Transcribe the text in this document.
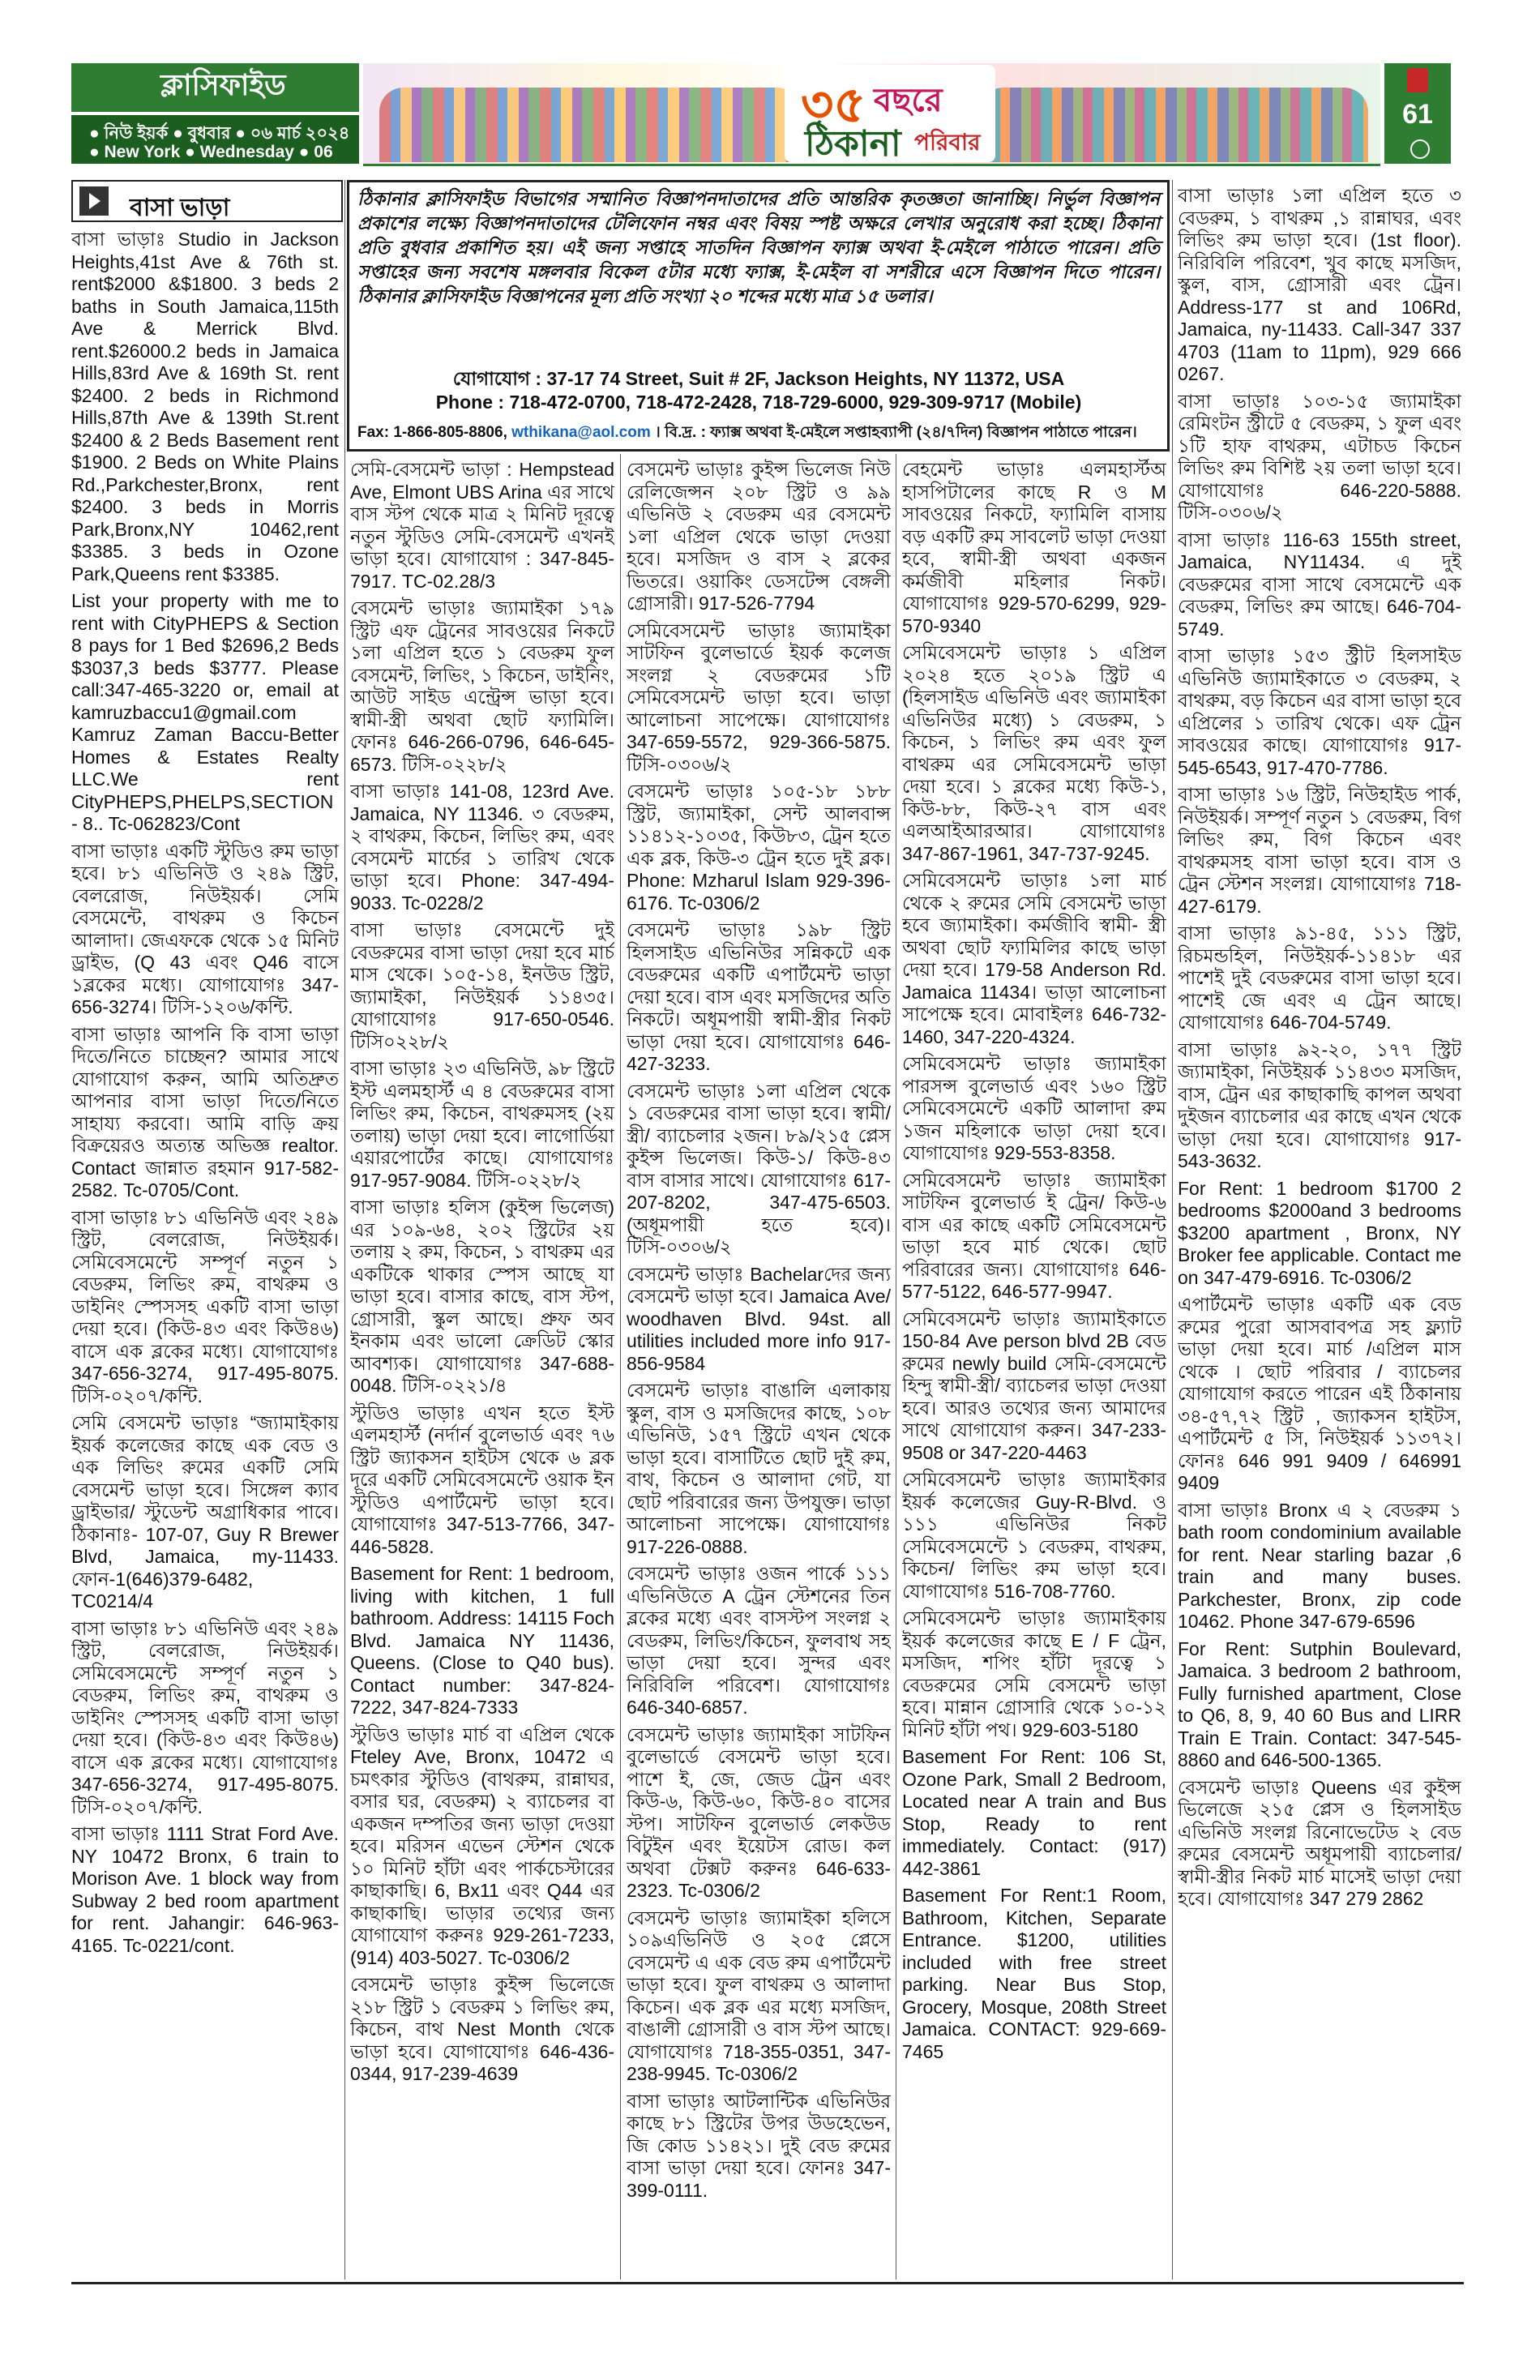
ক্লাসিফাইড
● নিউ ইয়র্ক ● বুধবার ● ০৬ মার্চ ২০২৪
● New York ● Wednesday ● 06 March 2024
৩৫ বছরে
ঠিকানা পরিবার
61
বাসা ভাড়া	ঠিকানার ক্লাসিফাইড বিভাগের সম্মানিত বিজ্ঞাপনদাতাদের প্রতি আন্তরিক কৃতজ্ঞতা জানাচ্ছি। নির্ভুল বিজ্ঞাপন প্রকাশের লক্ষ্যে বিজ্ঞাপনদাতাদের টেলিফোন নম্বর এবং বিষয় স্পষ্ট অক্ষরে লেখার অনুরোধ করা হচ্ছে। ঠিকানা প্রতি বুধবার প্রকাশিত হয়। এই জন্য সপ্তাহে সাতদিন বিজ্ঞাপন ফ্যাক্স অথবা ই-মেইলে পাঠাতে পারেন। প্রতি সপ্তাহের জন্য সবশেষ মঙ্গলবার বিকেল ৫টার মধ্যে ফ্যাক্স, ই-মেইল বা সশরীরে এসে বিজ্ঞাপন দিতে পারেন। ঠিকানার ক্লাসিফাইড বিজ্ঞাপনের মূল্য প্রতি সংখ্যা ২০ শব্দের মধ্যে মাত্র ১৫ ডলার।
যোগাযোগ : 37-17 74 Street, Suit # 2F, Jackson Heights, NY 11372, USA
Phone : 718-472-0700, 718-472-2428, 718-729-6000, 929-309-9717 (Mobile)
Fax: 1-866-805-8806, wthikana@aol.com । বি.দ্র. : ফ্যাক্স অথবা ই-মেইলে সপ্তাহব্যাপী (২৪/৭দিন) বিজ্ঞাপন পাঠাতে পারেন।
বাসা ভাড়াঃ Studio in Jackson Heights,41st Ave & 76th st. rent$2000 &$1800. 3 beds 2 baths in South Jamaica,115th Ave & Merrick Blvd. rent.$26000.2 beds in Jamaica Hills,83rd Ave & 169th St. rent $2400. 2 beds in Richmond Hills,87th Ave & 139th St.rent $2400 & 2 Beds Basement rent $1900. 2 Beds on White Plains Rd.,Parkchester,Bronx, rent $2400. 3 beds in Morris Park,Bronx,NY 10462,rent $3385. 3 beds in Ozone Park,Queens rent $3385.
List your property with me to rent with CityPHEPS & Section 8 pays for 1 Bed $2696,2 Beds $3037,3 beds $3777. Please call:347-465-3220 or, email at kamruzbaccu1@gmail.com Kamruz Zaman Baccu-Better Homes & Estates Realty LLC.We rent CityPHEPS,PHELPS,SECTION - 8.. Tc-062823/Cont
বাসা ভাড়াঃ একটি স্টুডিও রুম ভাড়া হবে। ৮১ এভিনিউ ও ২৪৯ স্ট্রিট, বেলরোজ, নিউইয়র্ক। সেমি বেসমেন্টে, বাথরুম ও কিচেন আলাদা। জেএফকে থেকে ১৫ মিনিট ড্রাইভ, (Q 43 এবং Q46 বাসে ১ব্লকের মধ্যে। যোগাযোগঃ 347-656-3274। টিসি-১২০৬/কন্টি.
বাসা ভাড়াঃ আপনি কি বাসা ভাড়া দিতে/নিতে চাচ্ছেন? আমার সাথে যোগাযোগ করুন, আমি অতিদ্রুত আপনার বাসা ভাড়া দিতে/নিতে সাহায্য করবো। আমি বাড়ি ক্রয় বিক্রয়েরও অত্যন্ত অভিজ্ঞ realtor. Contact জান্নাত রহমান 917-582-2582. Tc-0705/Cont.
বাসা ভাড়াঃ ৮১ এভিনিউ এবং ২৪৯ স্ট্রিট, বেলরোজ, নিউইয়র্ক। সেমিবেসমেন্টে সম্পূর্ণ নতুন ১ বেডরুম, লিভিং রুম, বাথরুম ও ডাইনিং স্পেসসহ একটি বাসা ভাড়া দেয়া হবে। (কিউ-৪৩ এবং কিউ৪৬) বাসে এক ব্লকের মধ্যে। যোগাযোগঃ 347-656-3274, 917-495-8075. টিসি-০২০৭/কন্টি.
সেমি বেসমেন্ট ভাড়াঃ “জ্যামাইকায় ইয়র্ক কলেজের কাছে এক বেড ও এক লিভিং রুমের একটি সেমি বেসমেন্ট ভাড়া হবে। সিঙ্গেল ক্যাব ড্রাইভার/ স্টুডেন্ট অগ্রাধিকার পাবে। ঠিকানাঃ- 107-07, Guy R Brewer Blvd, Jamaica, my-11433. ফোন-1(646)379-6482, TC0214/4
বাসা ভাড়াঃ ৮১ এভিনিউ এবং ২৪৯ স্ট্রিট, বেলরোজ, নিউইয়র্ক। সেমিবেসমেন্টে সম্পূর্ণ নতুন ১ বেডরুম, লিভিং রুম, বাথরুম ও ডাইনিং স্পেসসহ একটি বাসা ভাড়া দেয়া হবে। (কিউ-৪৩ এবং কিউ৪৬) বাসে এক ব্লকের মধ্যে। যোগাযোগঃ 347-656-3274, 917-495-8075. টিসি-০২০৭/কন্টি.
বাসা ভাড়াঃ 1111 Strat Ford Ave. NY 10472 Bronx, 6 train to Morison Ave. 1 block way from Subway 2 bed room apartment for rent. Jahangir: 646-963-4165. Tc-0221/cont.
সেমি-বেসমেন্ট ভাড়া : Hempstead Ave, Elmont UBS Arina এর সাথে বাস স্টপ থেকে মাত্র ২ মিনিট দূরত্বে নতুন স্টুডিও সেমি-বেসমেন্ট এখনই ভাড়া হবে। যোগাযোগ : 347-845-7917. TC-02.28/3
বেসমেন্ট ভাড়াঃ জ্যামাইকা ১৭৯ স্ট্রিট এফ ট্রেনের সাবওয়ের নিকটে ১লা এপ্রিল হতে ১ বেডরুম ফুল বেসমেন্ট, লিভিং, ১ কিচেন, ডাইনিং, আউট সাইড এন্ট্রেন্স ভাড়া হবে। স্বামী-স্ত্রী অথবা ছোট ফ্যামিলি। ফোনঃ 646-266-0796, 646-645-6573. টিসি-০২২৮/২
বাসা ভাড়াঃ 141-08, 123rd Ave. Jamaica, NY 11346. ৩ বেডরুম, ২ বাথরুম, কিচেন, লিভিং রুম, এবং বেসমেন্ট মার্চের ১ তারিখ থেকে ভাড়া হবে। Phone: 347-494-9033. Tc-0228/2
বাসা ভাড়াঃ বেসমেন্টে দুই বেডরুমের বাসা ভাড়া দেয়া হবে মার্চ মাস থেকে। ১০৫-১৪, ইনউড স্ট্রিট, জ্যামাইকা, নিউইয়র্ক ১১৪৩৫। যোগাযোগঃ 917-650-0546. টিসি০২২৮/২
বাসা ভাড়াঃ ২৩ এভিনিউ, ৯৮ স্ট্রিটে ইস্ট এলমহার্স্ট এ ৪ বেডরুমের বাসা লিভিং রুম, কিচেন, বাথরুমসহ (২য় তলায়) ভাড়া দেয়া হবে। লাগোর্ডিয়া এয়ারপোর্টের কাছে। যোগাযোগঃ 917-957-9084. টিসি-০২২৮/২
বাসা ভাড়াঃ হলিস (কুইন্স ভিলেজ) এর ১০৯-৬৪, ২০২ স্ট্রিটের ২য় তলায় ২ রুম, কিচেন, ১ বাথরুম এর একটিকে থাকার স্পেস আছে যা ভাড়া হবে। বাসার কাছে, বাস স্টপ, গ্রোসারী, স্কুল আছে। প্রুফ অব ইনকাম এবং ভালো ক্রেডিট স্কোর আবশ্যক। যোগাযোগঃ 347-688-0048. টিসি-০২২১/৪
স্টুডিও ভাড়াঃ এখন হতে ইস্ট এলমহার্স্ট (নর্দার্ন বুলেভার্ড এবং ৭৬ স্ট্রিট জ্যাকসন হাইটস থেকে ৬ ব্লক দূরে একটি সেমিবেসমেন্টে ওয়াক ইন স্টুডিও এপার্টমেন্ট ভাড়া হবে। যোগাযোগঃ 347-513-7766, 347-446-5828.
Basement for Rent: 1 bedroom, living with kitchen, 1 full bathroom. Address: 14115 Foch Blvd. Jamaica NY 11436, Queens. (Close to Q40 bus). Contact number: 347-824-7222, 347-824-7333
স্টুডিও ভাড়াঃ মার্চ বা এপ্রিল থেকে Fteley Ave, Bronx, 10472 এ চমৎকার স্টুডিও (বাথরুম, রান্নাঘর, বসার ঘর, বেডরুম) ২ ব্যাচেলর বা একজন দম্পতির জন্য ভাড়া দেওয়া হবে। মরিসন এভেন স্টেশন থেকে ১০ মিনিট হাঁটা এবং পার্কচেস্টারের কাছাকাছি। 6, Bx11 এবং Q44 এর কাছাকাছি। ভাড়ার তথ্যের জন্য যোগাযোগ করুনঃ 929-261-7233, (914) 403-5027. Tc-0306/2
বেসমেন্ট ভাড়াঃ কুইন্স ভিলেজে ২১৮ স্ট্রিট ১ বেডরুম ১ লিভিং রুম, কিচেন, বাথ Nest Month থেকে ভাড়া হবে। যোগাযোগঃ 646-436-0344, 917-239-4639
বেসমেন্ট ভাড়াঃ কুইন্স ভিলেজ নিউ রেলিজেন্সন ২০৮ স্ট্রিট ও ৯৯ এভিনিউ ২ বেডরুম এর বেসমেন্ট ১লা এপ্রিল থেকে ভাড়া দেওয়া হবে। মসজিদ ও বাস ২ ব্লকের ভিতরে। ওয়াকিং ডেসটেন্স বেঙ্গলী গ্রোসারী। 917-526-7794
সেমিবেসমেন্ট ভাড়াঃ জ্যামাইকা সাটফিন বুলেভার্ডে ইয়র্ক কলেজ সংলগ্ন ২ বেডরুমের ১টি সেমিবেসমেন্ট ভাড়া হবে। ভাড়া আলোচনা সাপেক্ষে। যোগাযোগঃ 347-659-5572, 929-366-5875. টিসি-০৩০৬/২
বেসমেন্ট ভাড়াঃ ১০৫-১৮ ১৮৮ স্ট্রিট, জ্যামাইকা, সেন্ট আলবান্স ১১৪১২-১০৩৫, কিউ৮৩, ট্রেন হতে এক ব্লক, কিউ-৩ ট্রেন হতে দুই ব্লক। Phone: Mzharul Islam 929-396-6176. Tc-0306/2
বেসমেন্ট ভাড়াঃ ১৯৮ স্ট্রিট হিলসাইড এভিনিউর সন্নিকটে এক বেডরুমের একটি এপার্টমেন্ট ভাড়া দেয়া হবে। বাস এবং মসজিদের অতি নিকটে। অধূমপায়ী স্বামী-স্ত্রীর নিকট ভাড়া দেয়া হবে। যোগাযোগঃ 646-427-3233.
বেসমেন্ট ভাড়াঃ ১লা এপ্রিল থেকে ১ বেডরুমের বাসা ভাড়া হবে। স্বামী/স্ত্রী/ ব্যাচেলার ২জন। ৮৯/২১৫ প্লেস কুইন্স ভিলেজ। কিউ-১/ কিউ-৪৩ বাস বাসার সাথে। যোগাযোগঃ 617-207-8202, 347-475-6503. (অধূমপায়ী হতে হবে)। টিসি-০৩০৬/২
বেসমেন্ট ভাড়াঃ Bachelarদের জন্য বেসমেন্ট ভাড়া হবে। Jamaica Ave/ woodhaven Blvd. 94st. all utilities included more info 917-856-9584
বেসমেন্ট ভাড়াঃ বাঙালি এলাকায় স্কুল, বাস ও মসজিদের কাছে, ১০৮ এভিনিউ, ১৫৭ স্ট্রিটে এখন থেকে ভাড়া হবে। বাসাটিতে ছোট দুই রুম, বাথ, কিচেন ও আলাদা গেট, যা ছোট পরিবারের জন্য উপযুক্ত। ভাড়া আলোচনা সাপেক্ষে। যোগাযোগঃ 917-226-0888.
বেসমেন্ট ভাড়াঃ ওজন পার্কে ১১১ এভিনিউতে A ট্রেন স্টেশনের তিন ব্লকের মধ্যে এবং বাসস্টপ সংলগ্ন ২ বেডরুম, লিভিং/কিচেন, ফুলবাথ সহ ভাড়া দেয়া হবে। সুন্দর এবং নিরিবিলি পরিবেশ। যোগাযোগঃ 646-340-6857.
বেসমেন্ট ভাড়াঃ জ্যামাইকা সাটফিন বুলেভার্ডে বেসমেন্ট ভাড়া হবে। পাশে ই, জে, জেড ট্রেন এবং কিউ-৬, কিউ-৬০, কিউ-৪০ বাসের স্টপ। সাটফিন বুলেভার্ড লেকউড বিটুইন এবং ইয়েটস রোড। কল অথবা টেক্সট করুনঃ 646-633-2323. Tc-0306/2
বেসমেন্ট ভাড়াঃ জ্যামাইকা হলিসে ১০৯এভিনিউ ও ২০৫ প্লেসে বেসমেন্ট এ এক বেড রুম এপার্টমেন্ট ভাড়া হবে। ফুল বাথরুম ও আলাদা কিচেন। এক ব্লক এর মধ্যে মসজিদ, বাঙালী গ্রোসারী ও বাস স্টপ আছে। যোগাযোগঃ 718-355-0351, 347-238-9945. Tc-0306/2
বাসা ভাড়াঃ আটলান্টিক এভিনিউর কাছে ৮১ স্ট্রিটের উপর উডহেভেন, জি কোড ১১৪২১। দুই বেড রুমের বাসা ভাড়া দেয়া হবে। ফোনঃ 347-399-0111.
বেহমেন্ট ভাড়াঃ এলমহার্স্টঅ হাসপিটালের কাছে R ও M সাবওয়ের নিকটে, ফ্যামিলি বাসায় বড় একটি রুম সাবলেট ভাড়া দেওয়া হবে, স্বামী-স্ত্রী অথবা একজন কর্মজীবী মহিলার নিকট। যোগাযোগঃ 929-570-6299, 929-570-9340
সেমিবেসমেন্ট ভাড়াঃ ১ এপ্রিল ২০২৪ হতে ২০১৯ স্ট্রিট এ (হিলসাইড এভিনিউ এবং জ্যামাইকা এভিনিউর মধ্যে) ১ বেডরুম, ১ কিচেন, ১ লিভিং রুম এবং ফুল বাথরুম এর সেমিবেসমেন্ট ভাড়া দেয়া হবে। ১ ব্লকের মধ্যে কিউ-১, কিউ-৮৮, কিউ-২৭ বাস এবং এলআইআরআর। যোগাযোগঃ 347-867-1961, 347-737-9245.
সেমিবেসমেন্ট ভাড়াঃ ১লা মার্চ থেকে ২ রুমের সেমি বেসমেন্ট ভাড়া হবে জ্যামাইকা। কর্মজীবি স্বামী- স্ত্রী অথবা ছোট ফ্যামিলির কাছে ভাড়া দেয়া হবে। 179-58 Anderson Rd. Jamaica 11434। ভাড়া আলোচনা সাপেক্ষে হবে। মোবাইলঃ 646-732-1460, 347-220-4324.
সেমিবেসমেন্ট ভাড়াঃ জ্যামাইকা পারসন্স বুলেভার্ড এবং ১৬০ স্ট্রিট সেমিবেসমেন্টে একটি আলাদা রুম ১জন মহিলাকে ভাড়া দেয়া হবে। যোগাযোগঃ 929-553-8358.
সেমিবেসমেন্ট ভাড়াঃ জ্যামাইকা সাটফিন বুলেভার্ড ই ট্রেন/ কিউ-৬ বাস এর কাছে একটি সেমিবেসমেন্ট ভাড়া হবে মার্চ থেকে। ছোট পরিবারের জন্য। যোগাযোগঃ 646-577-5122, 646-577-9947.
সেমিবেসমেন্ট ভাড়াঃ জ্যামাইকাতে 150-84 Ave person blvd 2B বেড রুমের newly build সেমি-বেসমেন্টে হিন্দু স্বামী-স্ত্রী/ ব্যাচেলর ভাড়া দেওয়া হবে। আরও তথ্যের জন্য আমাদের সাথে যোগাযোগ করুন। 347-233-9508 or 347-220-4463
সেমিবেসমেন্ট ভাড়াঃ জ্যামাইকার ইয়র্ক কলেজের Guy-R-Blvd. ও ১১১ এভিনিউর নিকট সেমিবেসমেন্টে ১ বেডরুম, বাথরুম, কিচেন/ লিভিং রুম ভাড়া হবে। যোগাযোগঃ 516-708-7760.
সেমিবেসমেন্ট ভাড়াঃ জ্যামাইকায় ইয়র্ক কলেজের কাছে E / F ট্রেন, মসজিদ, শপিং হাঁটা দূরত্বে ১ বেডরুমের সেমি বেসমেন্ট ভাড়া হবে। মান্নান গ্রোসারি থেকে ১০-১২ মিনিট হাঁটা পথ। 929-603-5180
Basement For Rent: 106 St, Ozone Park, Small 2 Bedroom, Located near A train and Bus Stop, Ready to rent immediately. Contact: (917) 442-3861
Basement For Rent:1 Room, Bathroom, Kitchen, Separate Entrance. $1200, utilities included with free street parking. Near Bus Stop, Grocery, Mosque, 208th Street Jamaica. CONTACT: 929-669-7465
বাসা ভাড়াঃ ১লা এপ্রিল হতে ৩ বেডরুম, ১ বাথরুম ,১ রান্নাঘর, এবং লিভিং রুম ভাড়া হবে। (1st floor). নিরিবিলি পরিবেশ, খুব কাছে মসজিদ, স্কুল, বাস, গ্রোসারী এবং ট্রেন। Address-177 st and 106Rd, Jamaica, ny-11433. Call-347 337 4703 (11am to 11pm), 929 666 0267.
বাসা ভাড়াঃ ১০৩-১৫ জ্যামাইকা রেমিংটন স্ট্রীটে ৫ বেডরুম, ১ ফুল এবং ১টি হাফ বাথরুম, এটাচড কিচেন লিভিং রুম বিশিষ্ট ২য় তলা ভাড়া হবে। যোগাযোগঃ 646-220-5888. টিসি-০৩০৬/২
বাসা ভাড়াঃ 116-63 155th street, Jamaica, NY11434. এ দুই বেডরুমের বাসা সাথে বেসমেন্টে এক বেডরুম, লিভিং রুম আছে। 646-704-5749.
বাসা ভাড়াঃ ১৫৩ স্ট্রীট হিলসাইড এভিনিউ জ্যামাইকাতে ৩ বেডরুম, ২ বাথরুম, বড় কিচেন এর বাসা ভাড়া হবে এপ্রিলের ১ তারিখ থেকে। এফ ট্রেন সাবওয়ের কাছে। যোগাযোগঃ 917-545-6543, 917-470-7786.
বাসা ভাড়াঃ ১৬ স্ট্রিট, নিউহাইড পার্ক, নিউইয়র্ক। সম্পূর্ণ নতুন ১ বেডরুম, বিগ লিভিং রুম, বিগ কিচেন এবং বাথরুমসহ বাসা ভাড়া হবে। বাস ও ট্রেন স্টেশন সংলগ্ন। যোগাযোগঃ 718-427-6179.
বাসা ভাড়াঃ ৯১-৪৫, ১১১ স্ট্রিট, রিচমন্ডহিল, নিউইয়র্ক-১১৪১৮ এর পাশেই দুই বেডরুমের বাসা ভাড়া হবে। পাশেই জে এবং এ ট্রেন আছে। যোগাযোগঃ 646-704-5749.
বাসা ভাড়াঃ ৯২-২০, ১৭৭ স্ট্রিট জ্যামাইকা, নিউইয়র্ক ১১৪৩৩ মসজিদ, বাস, ট্রেন এর কাছাকাছি কাপল অথবা দুইজন ব্যাচেলার এর কাছে এখন থেকে ভাড়া দেয়া হবে। যোগাযোগঃ 917-543-3632.
For Rent: 1 bedroom $1700 2 bedrooms $2000and 3 bedrooms $3200 apartment , Bronx, NY Broker fee applicable. Contact me on 347-479-6916. Tc-0306/2
এপার্টমেন্ট ভাড়াঃ একটি এক বেড রুমের পুরো আসবাবপত্র সহ ফ্ল্যাট ভাড়া দেয়া হবে। মার্চ /এপ্রিল মাস থেকে । ছোট পরিবার / ব্যাচেলর যোগাযোগ করতে পারেন এই ঠিকানায় ৩৪-৫৭,৭২ স্ট্রিট , জ্যাকসন হাইটস, এপার্টমেন্ট ৫ সি, নিউইয়র্ক ১১৩৭২। ফোনঃ 646 991 9409 / 646991 9409
বাসা ভাড়াঃ Bronx এ ২ বেডরুম ১ bath room condominium available for rent. Near starling bazar ,6 train and many buses. Parkchester, Bronx, zip code 10462. Phone 347-679-6596
For Rent: Sutphin Boulevard, Jamaica. 3 bedroom 2 bathroom, Fully furnished apartment, Close to Q6, 8, 9, 40 60 Bus and LIRR Train E Train. Contact: 347-545-8860 and 646-500-1365.
বেসমেন্ট ভাড়াঃ Queens এর কুইন্স ভিলেজে ২১৫ প্লেস ও হিলসাইড এভিনিউ সংলগ্ন রিনোভেটেড ২ বেড রুমের বেসমেন্ট অধূমপায়ী ব্যাচেলার/স্বামী-স্ত্রীর নিকট মার্চ মাসেই ভাড়া দেয়া হবে। যোগাযোগঃ 347 279 2862
